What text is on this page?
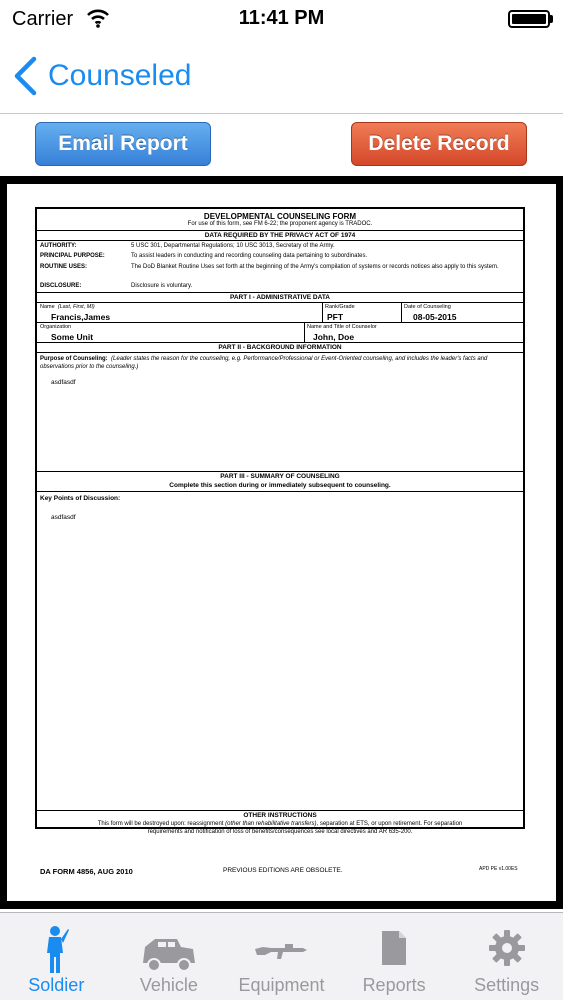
Carrier	11:41 PM
Counseled
Email Report	Delete Record
DEVELOPMENTAL COUNSELING FORM
For use of this form, see FM 6-22; the proponent agency is TRADOC.
DATA REQUIRED BY THE PRIVACY ACT OF 1974
AUTHORITY:	5 USC 301, Departmental Regulations; 10 USC 3013, Secretary of the Army.
PRINCIPAL PURPOSE:	To assist leaders in conducting and recording counseling data pertaining to subordinates.
ROUTINE USES:	The DoD Blanket Routine Uses set forth at the beginning of the Army's compilation of systems or records notices also apply to this system.
DISCLOSURE:	Disclosure is voluntary.
PART I - ADMINISTRATIVE DATA
Name (Last, First, MI)
Francis,James
Rank/Grade
PFT
Date of Counseling
08-05-2015
Organization
Some Unit
Name and Title of Counselor
John, Doe
PART II - BACKGROUND INFORMATION
Purpose of Counseling: (Leader states the reason for the counseling, e.g. Performance/Professional or Event-Oriented counseling, and includes the leader's facts and observations prior to the counseling.)
asdfasdf
PART III - SUMMARY OF COUNSELING
Complete this section during or immediately subsequent to counseling.
Key Points of Discussion:
asdfasdf
OTHER INSTRUCTIONS
This form will be destroyed upon: reassignment (other than rehabilitative transfers), separation at ETS, or upon retirement. For separation
requirements and notification of loss of benefits/consequences see local directives and AR 635-200.
DA FORM 4856, AUG 2010	PREVIOUS EDITIONS ARE OBSOLETE.	APD PE v1.00ES
Soldier	Vehicle	Equipment	Reports	Settings
